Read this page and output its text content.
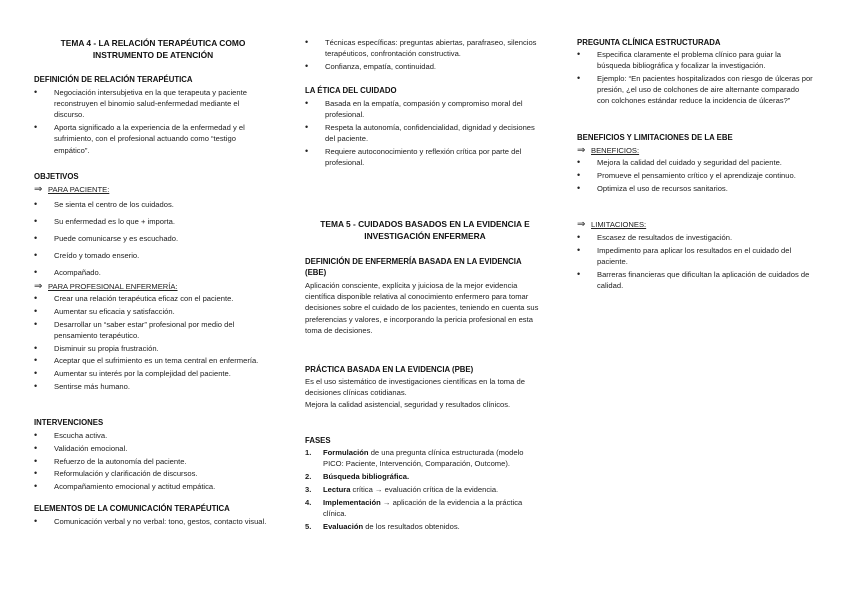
TEMA 4 - LA RELACIÓN TERAPÉUTICA COMO INSTRUMENTO DE ATENCIÓN
DEFINICIÓN DE RELACIÓN TERAPÉUTICA
• Negociación intersubjetiva en la que terapeuta y paciente reconstruyen el binomio salud-enfermedad mediante el discurso.
• Aporta significado a la experiencia de la enfermedad y el sufrimiento, con el profesional actuando como “testigo empático”.
OBJETIVOS
⇒ PARA PACIENTE:
• Se sienta el centro de los cuidados.
• Su enfermedad es lo que + importa.
• Puede comunicarse y es escuchado.
• Creído y tomado enserio.
• Acompañado.
⇒ PARA PROFESIONAL ENFERMERÍA:
• Crear una relación terapéutica eficaz con el paciente.
• Aumentar su eficacia y satisfacción.
• Desarrollar un “saber estar” profesional por medio del pensamiento terapéutico.
• Disminuir su propia frustración.
• Aceptar que el sufrimiento es un tema central en enfermería.
• Aumentar su interés por la complejidad del paciente.
• Sentirse más humano.
INTERVENCIONES
• Escucha activa.
• Validación emocional.
• Refuerzo de la autonomía del paciente.
• Reformulación y clarificación de discursos.
• Acompañamiento emocional y actitud empática.
ELEMENTOS DE LA COMUNICACIÓN TERAPÉUTICA
• Comunicación verbal y no verbal: tono, gestos, contacto visual.
• Técnicas específicas: preguntas abiertas, parafraseo, silencios terapéuticos, confrontación constructiva.
• Confianza, empatía, continuidad.
LA ÉTICA DEL CUIDADO
• Basada en la empatía, compasión y compromiso moral del profesional.
• Respeta la autonomía, confidencialidad, dignidad y decisiones del paciente.
• Requiere autoconocimiento y reflexión crítica por parte del profesional.
TEMA 5 - CUIDADOS BASADOS EN LA EVIDENCIA E INVESTIGACIÓN ENFERMERA
DEFINICIÓN DE ENFERMERÍA BASADA EN LA EVIDENCIA (EBE)

Aplicación consciente, explícita y juiciosa de la mejor evidencia científica disponible relativa al conocimiento enfermero para tomar decisiones sobre el cuidado de los pacientes, teniendo en cuenta sus preferencias y valores, e incorporando la pericia profesional en esta toma de decisiones.

PRÁCTICA BASADA EN LA EVIDENCIA (PBE)

Es el uso sistemático de investigaciones científicas en la toma de decisiones clínicas cotidianas.

Mejora la calidad asistencial, seguridad y resultados clínicos.

FASES
1. Formulación de una pregunta clínica estructurada (modelo PICO: Paciente, Intervención, Comparación, Outcome).
2. Búsqueda bibliográfica.
3. Lectura crítica → evaluación crítica de la evidencia.
4. Implementación → aplicación de la evidencia a la práctica clínica.
5. Evaluación de los resultados obtenidos.
PREGUNTA CLÍNICA ESTRUCTURADA
• Especifica claramente el problema clínico para guiar la búsqueda bibliográfica y focalizar la investigación.
• Ejemplo: “En pacientes hospitalizados con riesgo de úlceras por presión, ¿el uso de colchones de aire alternante comparado con colchones estándar reduce la incidencia de úlceras?”
BENEFICIOS Y LIMITACIONES DE LA EBE
⇒ BENEFICIOS:
• Mejora la calidad del cuidado y seguridad del paciente.
• Promueve el pensamiento crítico y el aprendizaje continuo.
• Optimiza el uso de recursos sanitarios.
⇒ LIMITACIONES:
• Escasez de resultados de investigación.
• Impedimento para aplicar los resultados en el cuidado del paciente.
• Barreras financieras que dificultan la aplicación de cuidados de calidad.
